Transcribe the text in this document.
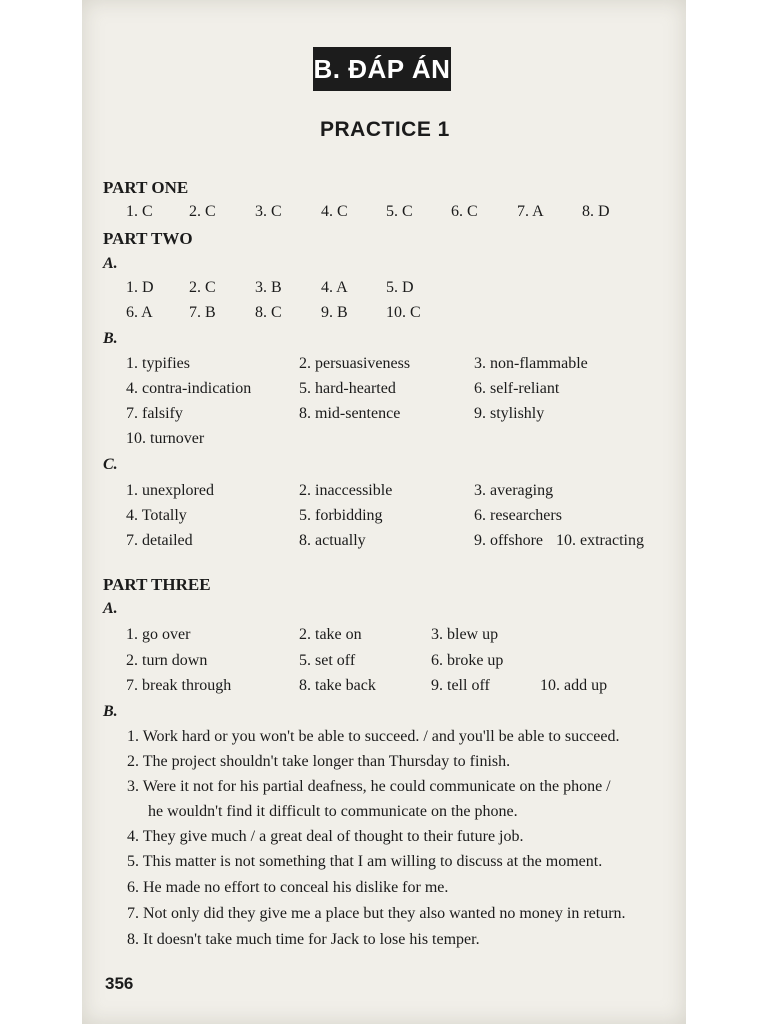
B. ĐÁP ÁN
PRACTICE 1
PART ONE
1. C 2. C 3. C 4. C 5. C 6. C 7. A 8. D
PART TWO
A.
1. D 2. C 3. B 4. A 5. D
6. A 7. B 8. C 9. B 10. C
B.
1. typifies	2. persuasiveness	3. non-flammable
4. contra-indication	5. hard-hearted	6. self-reliant
7. falsify	8. mid-sentence	9. stylishly
10. turnover
C.
1. unexplored	2. inaccessible	3. averaging
4. Totally	5. forbidding	6. researchers
7. detailed	8. actually	9. offshore 10. extracting
PART THREE
A.
1. go over	2. take on	3. blew up
2. turn down	5. set off	6. broke up
7. break through	8. take back	9. tell off	10. add up
B.
1. Work hard or you won't be able to succeed. / and you'll be able to succeed.
2. The project shouldn't take longer than Thursday to finish.
3. Were it not for his partial deafness, he could communicate on the phone /
he wouldn't find it difficult to communicate on the phone.
4. They give much / a great deal of thought to their future job.
5. This matter is not something that I am willing to discuss at the moment.
6. He made no effort to conceal his dislike for me.
7. Not only did they give me a place but they also wanted no money in return.
8. It doesn't take much time for Jack to lose his temper.
356
